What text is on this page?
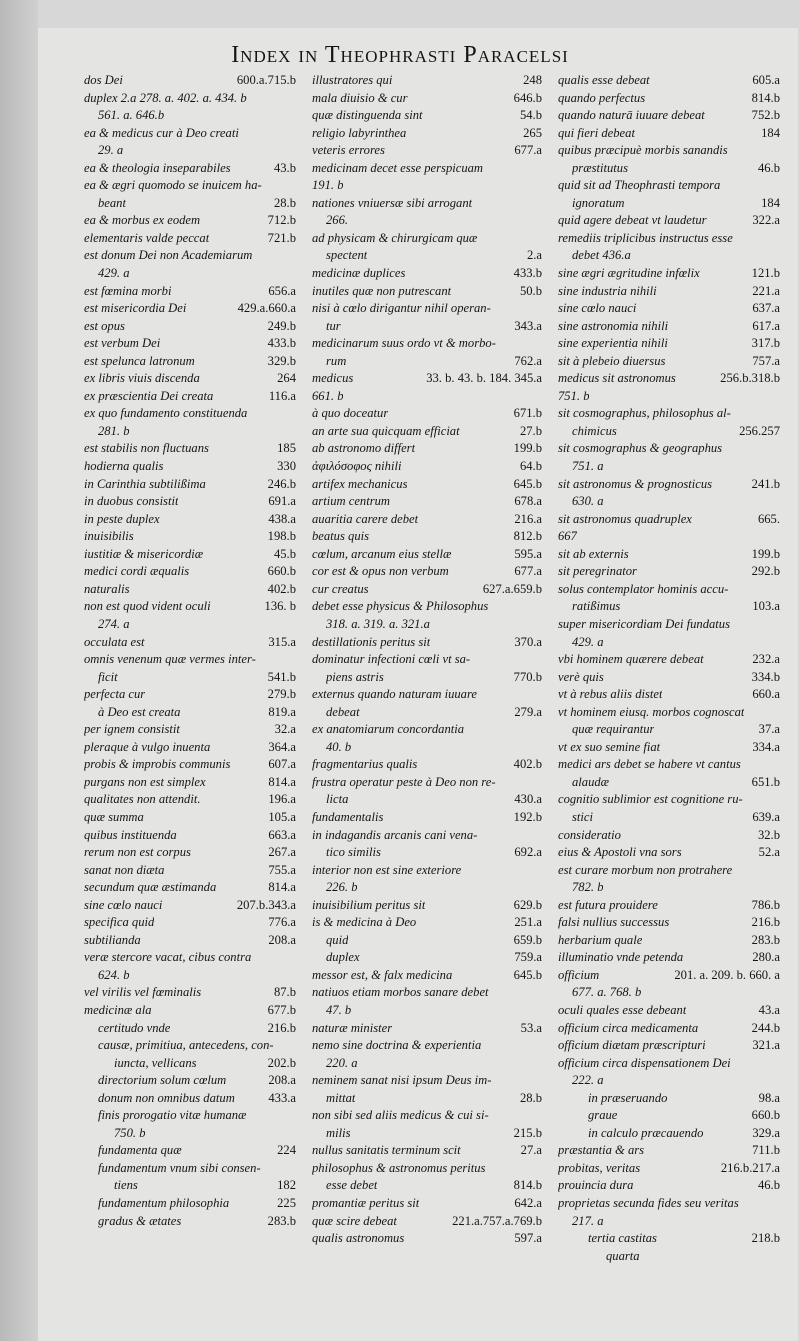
Index in Theophrasti Paracelsi
dos Dei	600.a.715.b
duplex 2.a 278. a. 402. a. 434. b
561. a. 646.b
ea & medicus cur à Deo creati
29. a
ea & theologia inseparabiles	43.b
ea & ægri quomodo se inuicem ha-
beant	28.b
ea & morbus ex eodem	712.b
elementaris valde peccat	721.b
est donum Dei non Academiarum
429. a
est fœmina morbi	656.a
est misericordia Dei	429.a.660.a
est opus	249.b
est verbum Dei	433.b
est spelunca latronum	329.b
ex libris viuis discenda	264
ex præscientia Dei creata	116.a
ex quo fundamento constituenda
281. b
est stabilis non fluctuans	185
hodierna qualis	330
in Carinthia subtilißima	246.b
in duobus consistit	691.a
in peste duplex	438.a
inuisibilis	198.b
iustitiæ & misericordiæ	45.b
medici cordi æqualis	660.b
naturalis	402.b
non est quod vident oculi	136. b
274. a
occulata est	315.a
omnis venenum quæ vermes inter-
ficit	541.b
perfecta cur	279.b
à Deo est creata	819.a
per ignem consistit	32.a
pleraque à vulgo inuenta	364.a
probis & improbis communis	607.a
purgans non est simplex	814.a
qualitates non attendit.	196.a
quæ summa	105.a
quibus instituenda	663.a
rerum non est corpus	267.a
sanat non diæta	755.a
secundum quæ æstimanda	814.a
sine cœlo nauci	207.b.343.a
specifica quid	776.a
subtilianda	208.a
veræ stercore vacat, cibus contra
624. b
vel virilis vel fœminalis	87.b
medicinæ ala	677.b
certitudo vnde	216.b
causæ, primitiua, antecedens, con-
iuncta, vellicans	202.b
directorium solum cœlum	208.a
donum non omnibus datum	433.a
finis prorogatio vitæ humanæ
750. b
fundamenta quæ	224
fundamentum vnum sibi consen-
tiens	182
fundamentum philosophia	225
gradus & ætates	283.b
illustratores qui	248
mala diuisio & cur	646.b
quæ distinguenda sint	54.b
religio labyrinthea	265
veteris errores	677.a
medicinam decet esse perspicuam
191. b
nationes vniuersæ sibi arrogant
266.
ad physicam & chirurgicam quæ
spectent	2.a
medicinæ duplices	433.b
inutiles quæ non putrescant	50.b
nisi à cœlo dirigantur nihil operan-
tur	343.a
medicinarum suus ordo vt & morbo-
rum	762.a
medicus	33. b. 43. b. 184. 345.a
661. b
à quo doceatur	671.b
an arte sua quicquam efficiat	27.b
ab astronomo differt	199.b
ἀφιλόσοφος nihili	64.b
artifex mechanicus	645.b
artium centrum	678.a
auaritia carere debet	216.a
beatus quis	812.b
cœlum, arcanum eius stellæ	595.a
cor est & opus non verbum	677.a
cur creatus	627.a.659.b
debet esse physicus & Philosophus
318. a. 319. a. 321.a
destillationis peritus sit	370.a
dominatur infectioni cœli vt sa-
piens astris	770.b
externus quando naturam iuuare
debeat	279.a
ex anatomiarum concordantia
40. b
fragmentarius qualis	402.b
frustra operatur peste à Deo non re-
licta	430.a
fundamentalis	192.b
in indagandis arcanis cani vena-
tico similis	692.a
interior non est sine exteriore
226. b
inuisibilium peritus sit	629.b
is & medicina à Deo	251.a
quid	659.b
duplex	759.a
messor est, & falx medicina	645.b
natiuos etiam morbos sanare debet
47. b
naturæ minister	53.a
nemo sine doctrina & experientia
220. a
neminem sanat nisi ipsum Deus im-
mittat	28.b
non sibi sed aliis medicus & cui si-
milis	215.b
nullus sanitatis terminum scit	27.a
philosophus & astronomus peritus
esse debet	814.b
promantiæ peritus sit	642.a
quæ scire debeat	221.a.757.a.769.b
qualis astronomus	597.a
qualis esse debeat	605.a
quando perfectus	814.b
quando naturā iuuare debeat	752.b
qui fieri debeat	184
quibus præcipuè morbis sanandis
præstitutus	46.b
quid sit ad Theophrasti tempora
ignoratum	184
quid agere debeat vt laudetur	322.a
remediis triplicibus instructus esse
debet 436.a
sine ægri ægritudine infœlix	121.b
sine industria nihili	221.a
sine cœlo nauci	637.a
sine astronomia nihili	617.a
sine experientia nihili	317.b
sit à plebeio diuersus	757.a
medicus sit astronomus	256.b.318.b
751. b
sit cosmographus, philosophus al-
chimicus	256.257
sit cosmographus & geographus
751. a
sit astronomus & prognosticus	241.b
630. a
sit astronomus quadruplex	665.
667
sit ab externis	199.b
sit peregrinator	292.b
solus contemplator hominis accu-
ratißimus	103.a
super misericordiam Dei fundatus
429. a
vbi hominem quærere debeat	232.a
verè quis	334.b
vt à rebus aliis distet	660.a
vt hominem eiusq. morbos cognoscat
quæ requirantur	37.a
vt ex suo semine fiat	334.a
medici ars debet se habere vt cantus
alaudæ	651.b
cognitio sublimior est cognitione ru-
stici	639.a
consideratio	32.b
eius & Apostoli vna sors	52.a
est curare morbum non protrahere
782. b
est futura prouidere	786.b
falsi nullius successus	216.b
herbarium quale	283.b
illuminatio vnde petenda	280.a
officium	201. a. 209. b. 660. a
677. a. 768. b
oculi quales esse debeant	43.a
officium circa medicamenta	244.b
officium diætam præscripturi	321.a
officium circa dispensationem Dei
222. a
in præseruando	98.a
graue	660.b
in calculo præcauendo	329.a
præstantia & ars	711.b
probitas, veritas	216.b.217.a
prouincia dura	46.b
proprietas secunda fides seu veritas
217. a
tertia castitas	218.b
quarta
